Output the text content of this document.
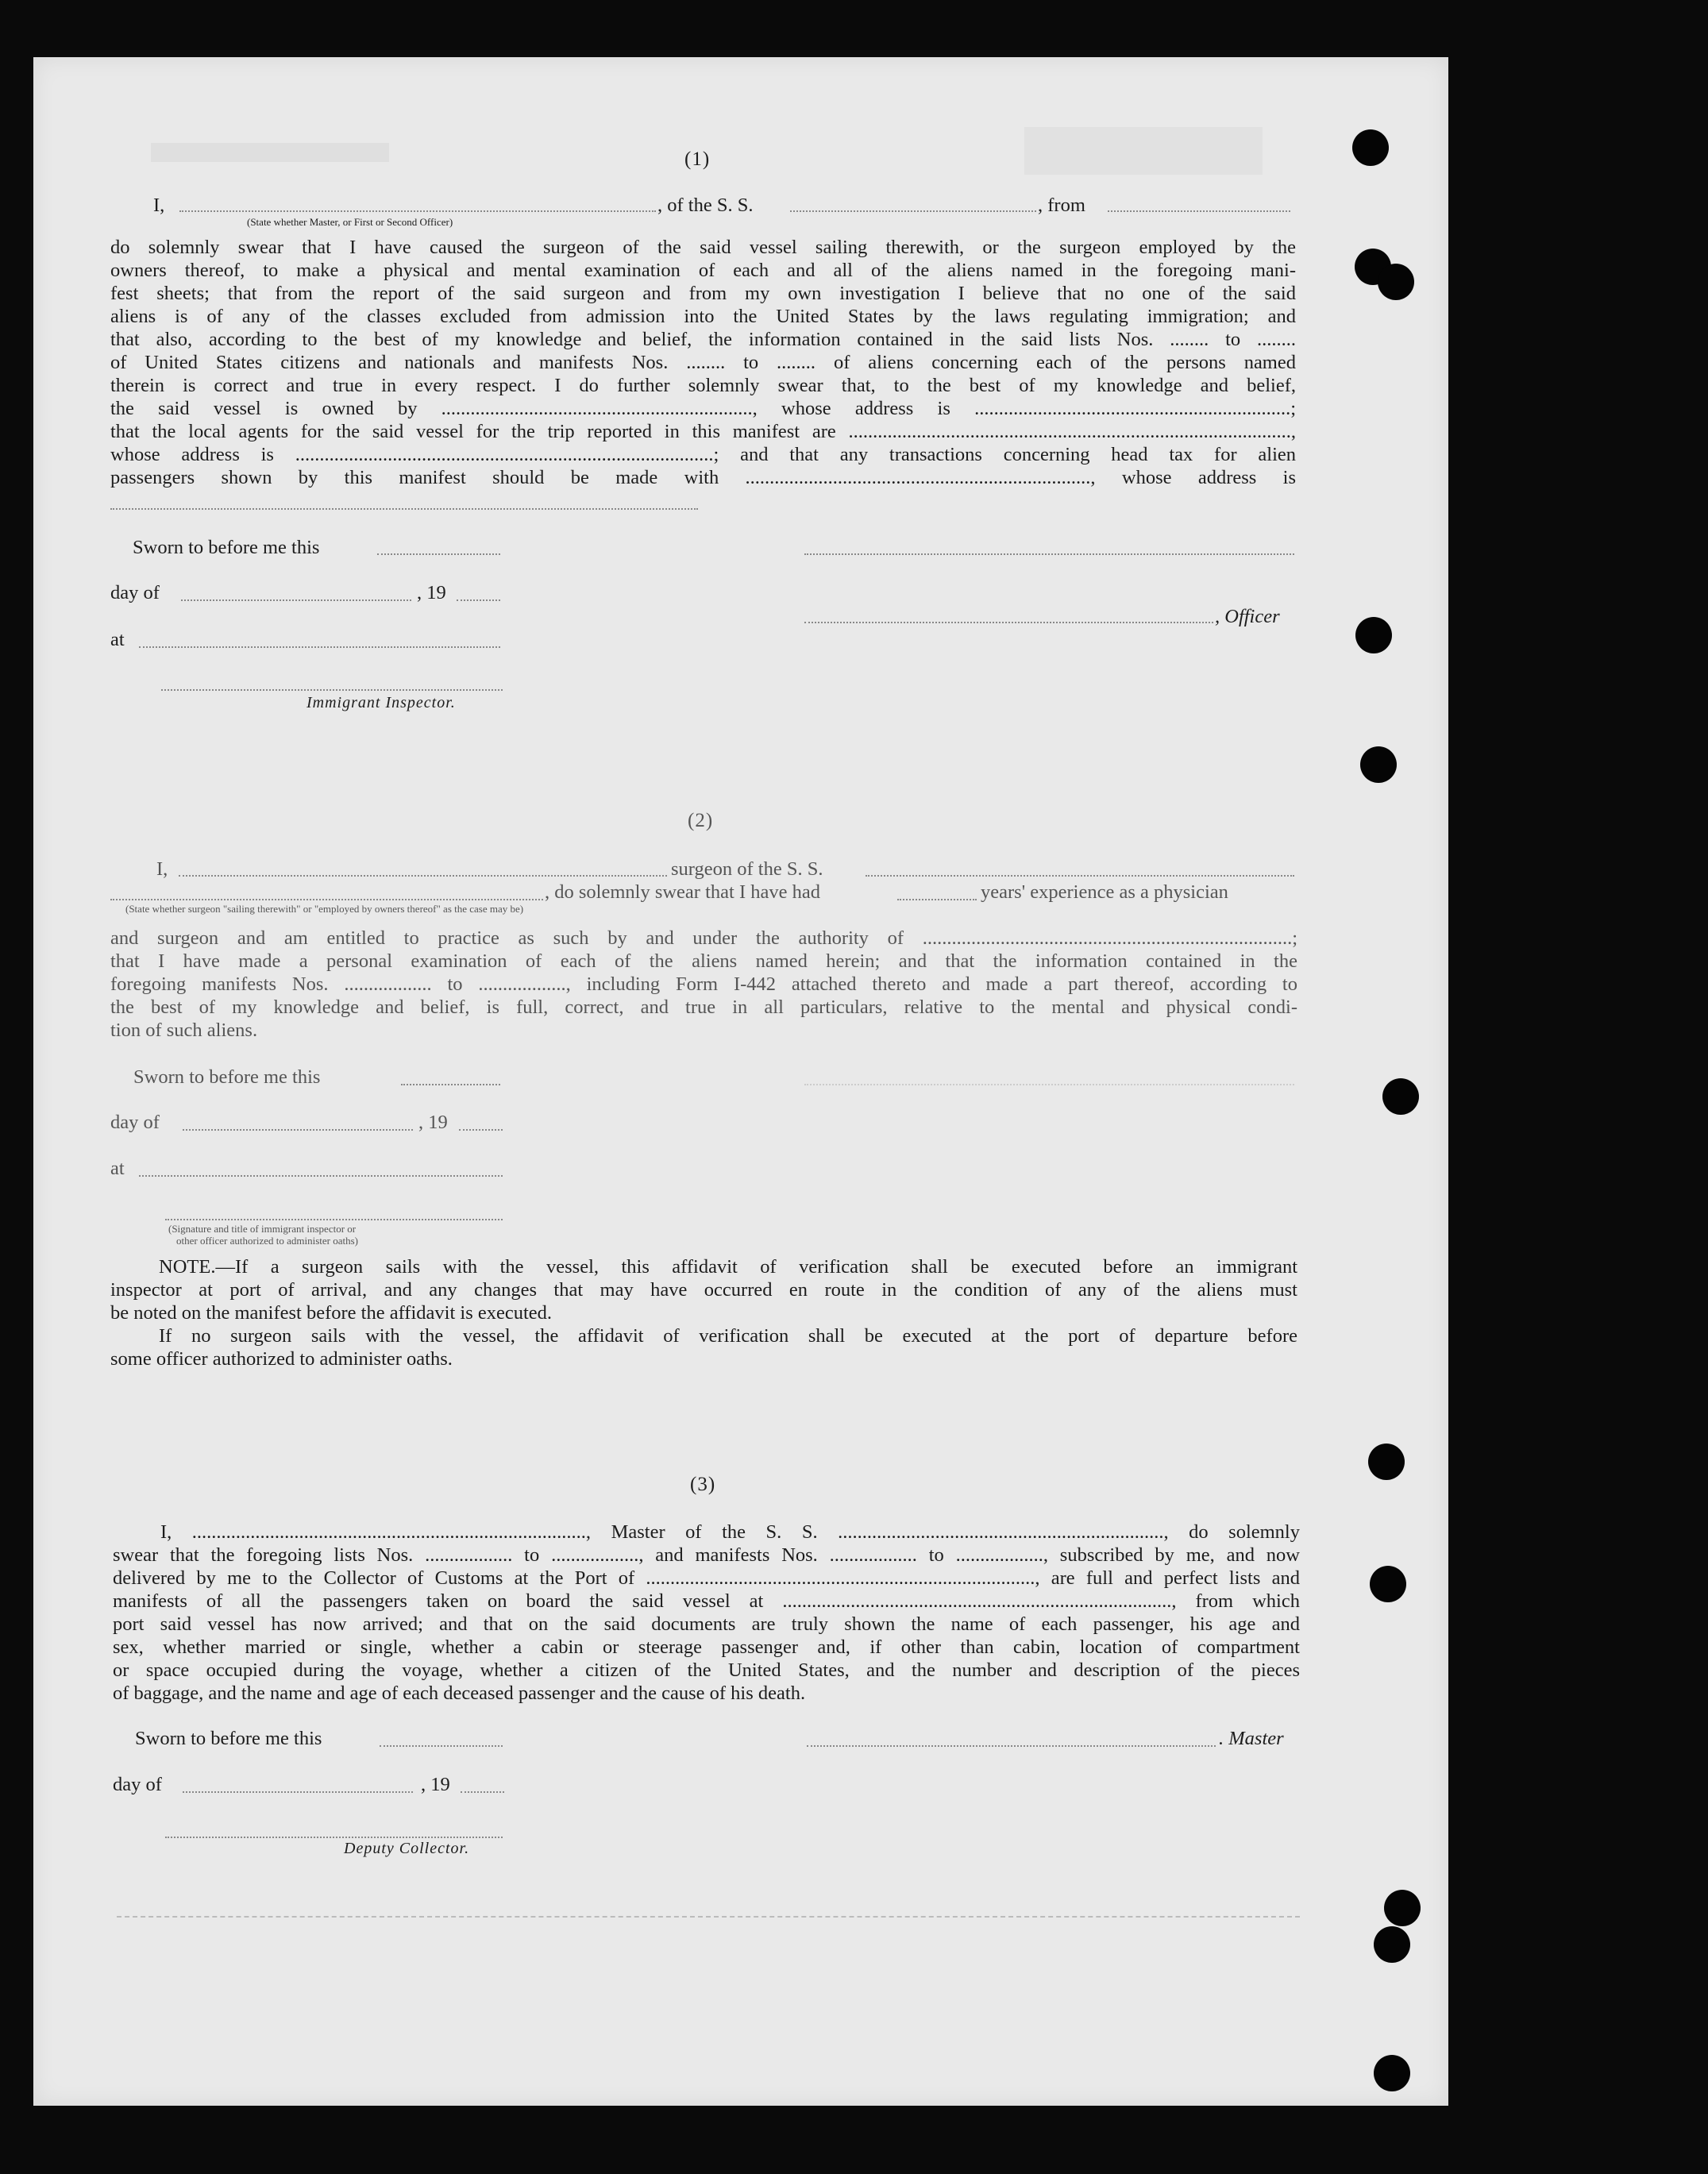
(1)
I,	, of the S. S.	, from
(State whether Master, or First or Second Officer)
do solemnly swear that I have caused the surgeon of the said vessel sailing therewith, or the surgeon employed by the
owners thereof, to make a physical and mental examination of each and all of the aliens named in the foregoing mani-
fest sheets; that from the report of the said surgeon and from my own investigation I believe that no one of the said
aliens is of any of the classes excluded from admission into the United States by the laws regulating immigration; and
that also, according to the best of my knowledge and belief, the information contained in the said lists Nos. ........ to ........
of United States citizens and nationals and manifests Nos. ........ to ........ of aliens concerning each of the persons named
therein is correct and true in every respect. I do further solemnly swear that, to the best of my knowledge and belief,
the said vessel is owned by ................................................................, whose address is .................................................................;
that the local agents for the said vessel for the trip reported in this manifest are ...........................................................................................,
whose address is ......................................................................................; and that any transactions concerning head tax for alien
passengers shown by this manifest should be made with ......................................................................., whose address is
Sworn to before me this
day of	, 19
, Officer
at
Immigrant Inspector.
(2)
I,	surgeon of the S. S.
, do solemnly swear that I have had	years' experience as a physician
(State whether surgeon "sailing therewith" or "employed by owners thereof" as the case may be)
and surgeon and am entitled to practice as such by and under the authority of ............................................................................;
that I have made a personal examination of each of the aliens named herein; and that the information contained in the
foregoing manifests Nos. .................. to .................., including Form I-442 attached thereto and made a part thereof, according to
the best of my knowledge and belief, is full, correct, and true in all particulars, relative to the mental and physical condi-
tion of such aliens.
Sworn to before me this
day of	, 19
at
(Signature and title of immigrant inspector or
other officer authorized to administer oaths)
NOTE.—If a surgeon sails with the vessel, this affidavit of verification shall be executed before an immigrant
inspector at port of arrival, and any changes that may have occurred en route in the condition of any of the aliens must
be noted on the manifest before the affidavit is executed.
If no surgeon sails with the vessel, the affidavit of verification shall be executed at the port of departure before
some officer authorized to administer oaths.
(3)
I, ................................................................................., Master of the S. S. ..................................................................., do solemnly
swear that the foregoing lists Nos. .................. to .................., and manifests Nos. .................. to .................., subscribed by me, and now
delivered by me to the Collector of Customs at the Port of ................................................................................, are full and perfect lists and
manifests of all the passengers taken on board the said vessel at ................................................................................, from which
port said vessel has now arrived; and that on the said documents are truly shown the name of each passenger, his age and
sex, whether married or single, whether a cabin or steerage passenger and, if other than cabin, location of compartment
or space occupied during the voyage, whether a citizen of the United States, and the number and description of the pieces
of baggage, and the name and age of each deceased passenger and the cause of his death.
Sworn to before me this	. Master
day of	, 19
Deputy Collector.
